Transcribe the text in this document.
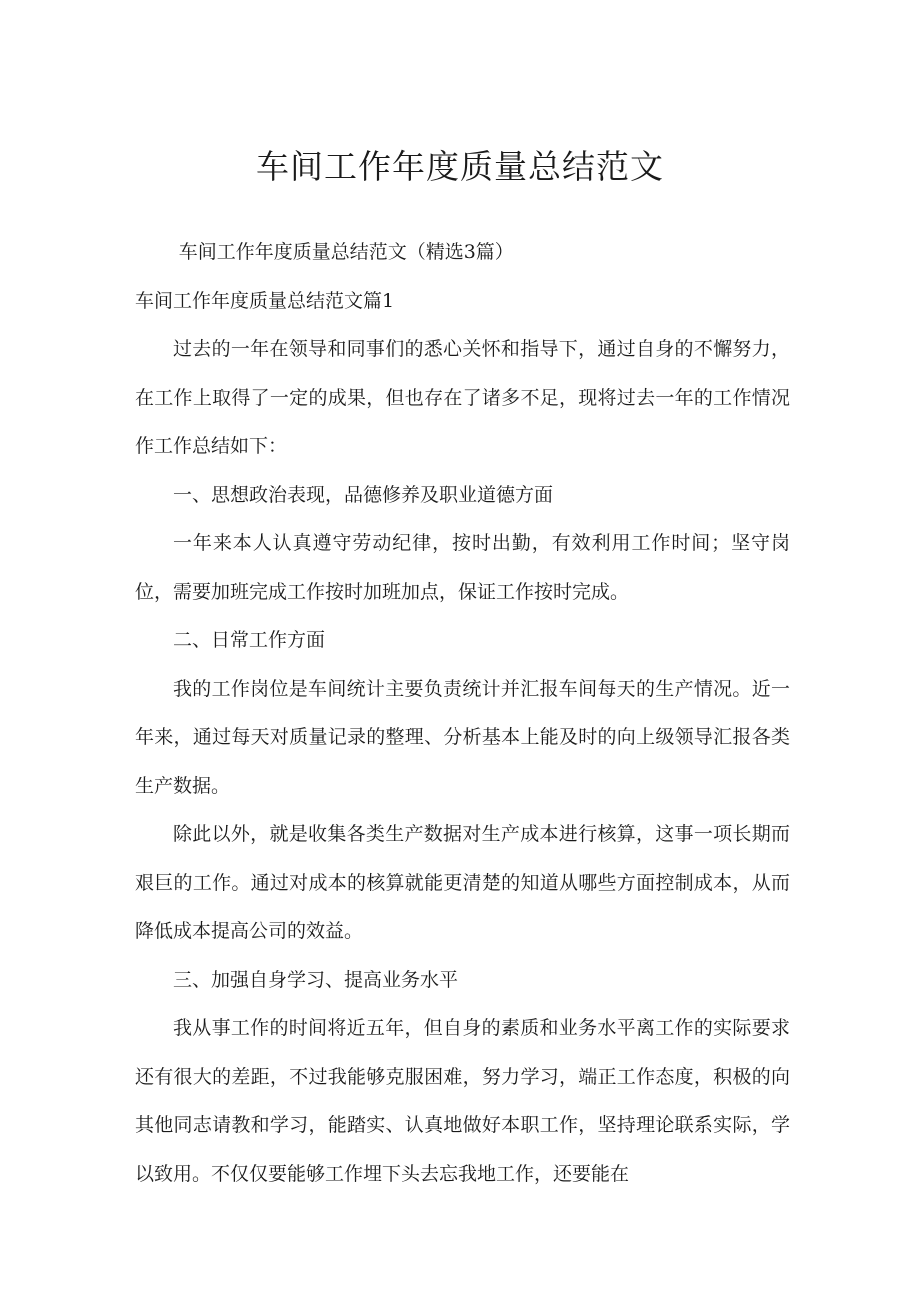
车间工作年度质量总结范文

车间工作年度质量总结范文（精选3篇）

车间工作年度质量总结范文篇1

过去的一年在领导和同事们的悉心关怀和指导下，通过自身的不懈努力，在工作上取得了一定的成果，但也存在了诸多不足，现将过去一年的工作情况作工作总结如下：

一、思想政治表现，品德修养及职业道德方面

一年来本人认真遵守劳动纪律，按时出勤，有效利用工作时间；坚守岗位，需要加班完成工作按时加班加点，保证工作按时完成。

二、日常工作方面

我的工作岗位是车间统计主要负责统计并汇报车间每天的生产情况。近一年来，通过每天对质量记录的整理、分析基本上能及时的向上级领导汇报各类生产数据。

除此以外，就是收集各类生产数据对生产成本进行核算，这事一项长期而艰巨的工作。通过对成本的核算就能更清楚的知道从哪些方面控制成本，从而降低成本提高公司的效益。

三、加强自身学习、提高业务水平

我从事工作的时间将近五年，但自身的素质和业务水平离工作的实际要求还有很大的差距，不过我能够克服困难，努力学习，端正工作态度，积极的向其他同志请教和学习，能踏实、认真地做好本职工作，坚持理论联系实际，学以致用。不仅仅要能够工作埋下头去忘我地工作，还要能在
